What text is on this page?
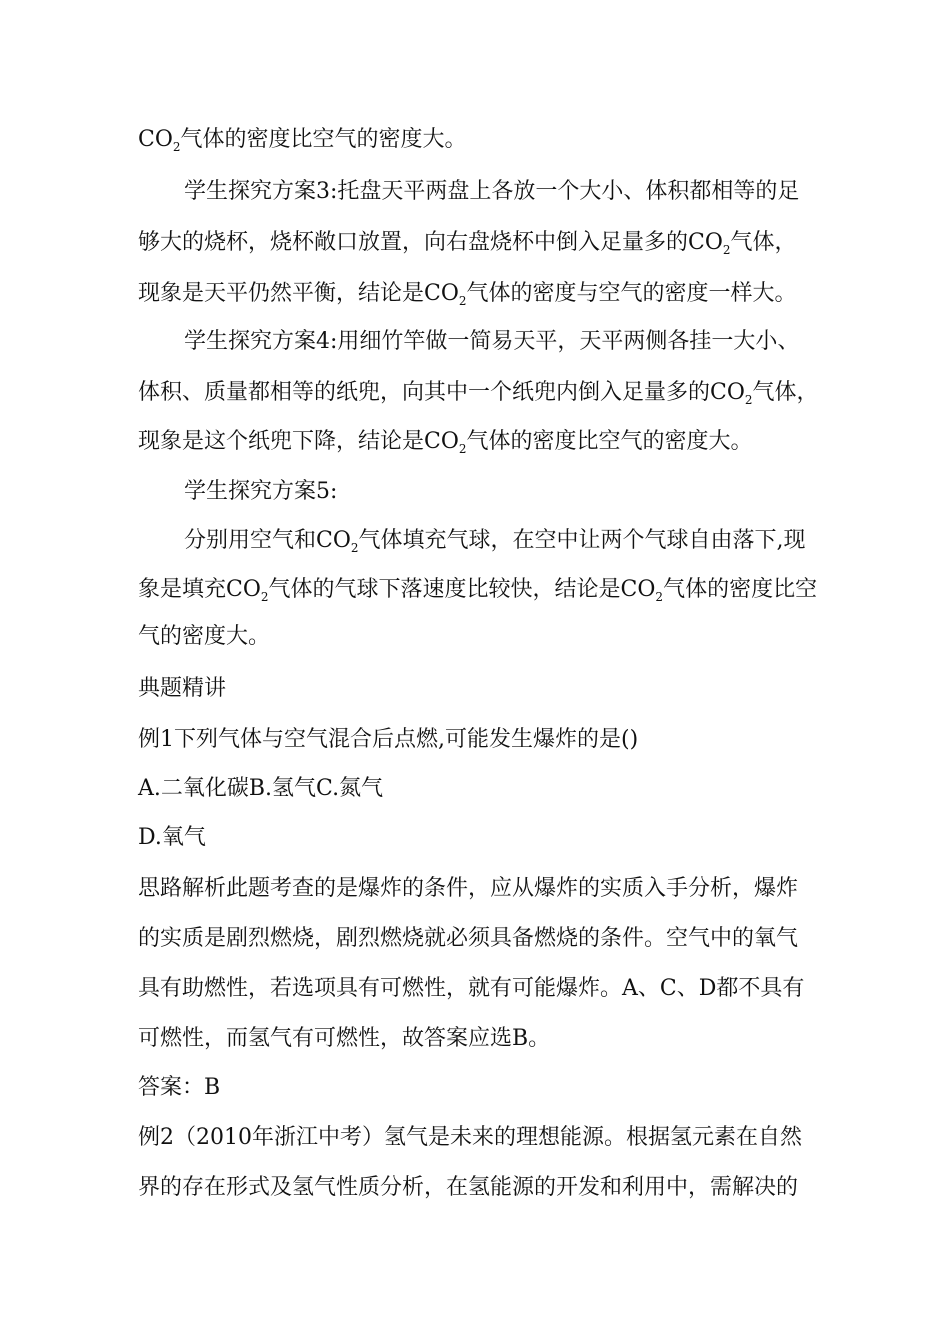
$CO_2$气体的密度比空气的密度大。
学生探究方案3:托盘天平两盘上各放一个大小、体积都相等的足
够大的烧杯，烧杯敞口放置，向右盘烧杯中倒入足量多的$CO_2$气体，
现象是天平仍然平衡，结论是$CO_2$气体的密度与空气的密度一样大。
学生探究方案4:用细竹竿做一简易天平，天平两侧各挂一大小、
体积、质量都相等的纸兜，向其中一个纸兜内倒入足量多的$CO_2$气体，
现象是这个纸兜下降，结论是$CO_2$气体的密度比空气的密度大。
学生探究方案5:
分别用空气和$CO_2$气体填充气球，在空中让两个气球自由落下,现
象是填充$CO_2$气体的气球下落速度比较快，结论是$CO_2$气体的密度比空
气的密度大。
典题精讲
例1下列气体与空气混合后点燃,可能发生爆炸的是()
A.二氧化碳B.氢气C.氮气
D.氧气
思路解析此题考查的是爆炸的条件，应从爆炸的实质入手分析，爆炸
的实质是剧烈燃烧，剧烈燃烧就必须具备燃烧的条件。空气中的氧气
具有助燃性，若选项具有可燃性，就有可能爆炸。A、C、D都不具有
可燃性，而氢气有可燃性，故答案应选B。
答案：B
例2（2010年浙江中考）氢气是未来的理想能源。根据氢元素在自然
界的存在形式及氢气性质分析，在氢能源的开发和利用中，需解决的
